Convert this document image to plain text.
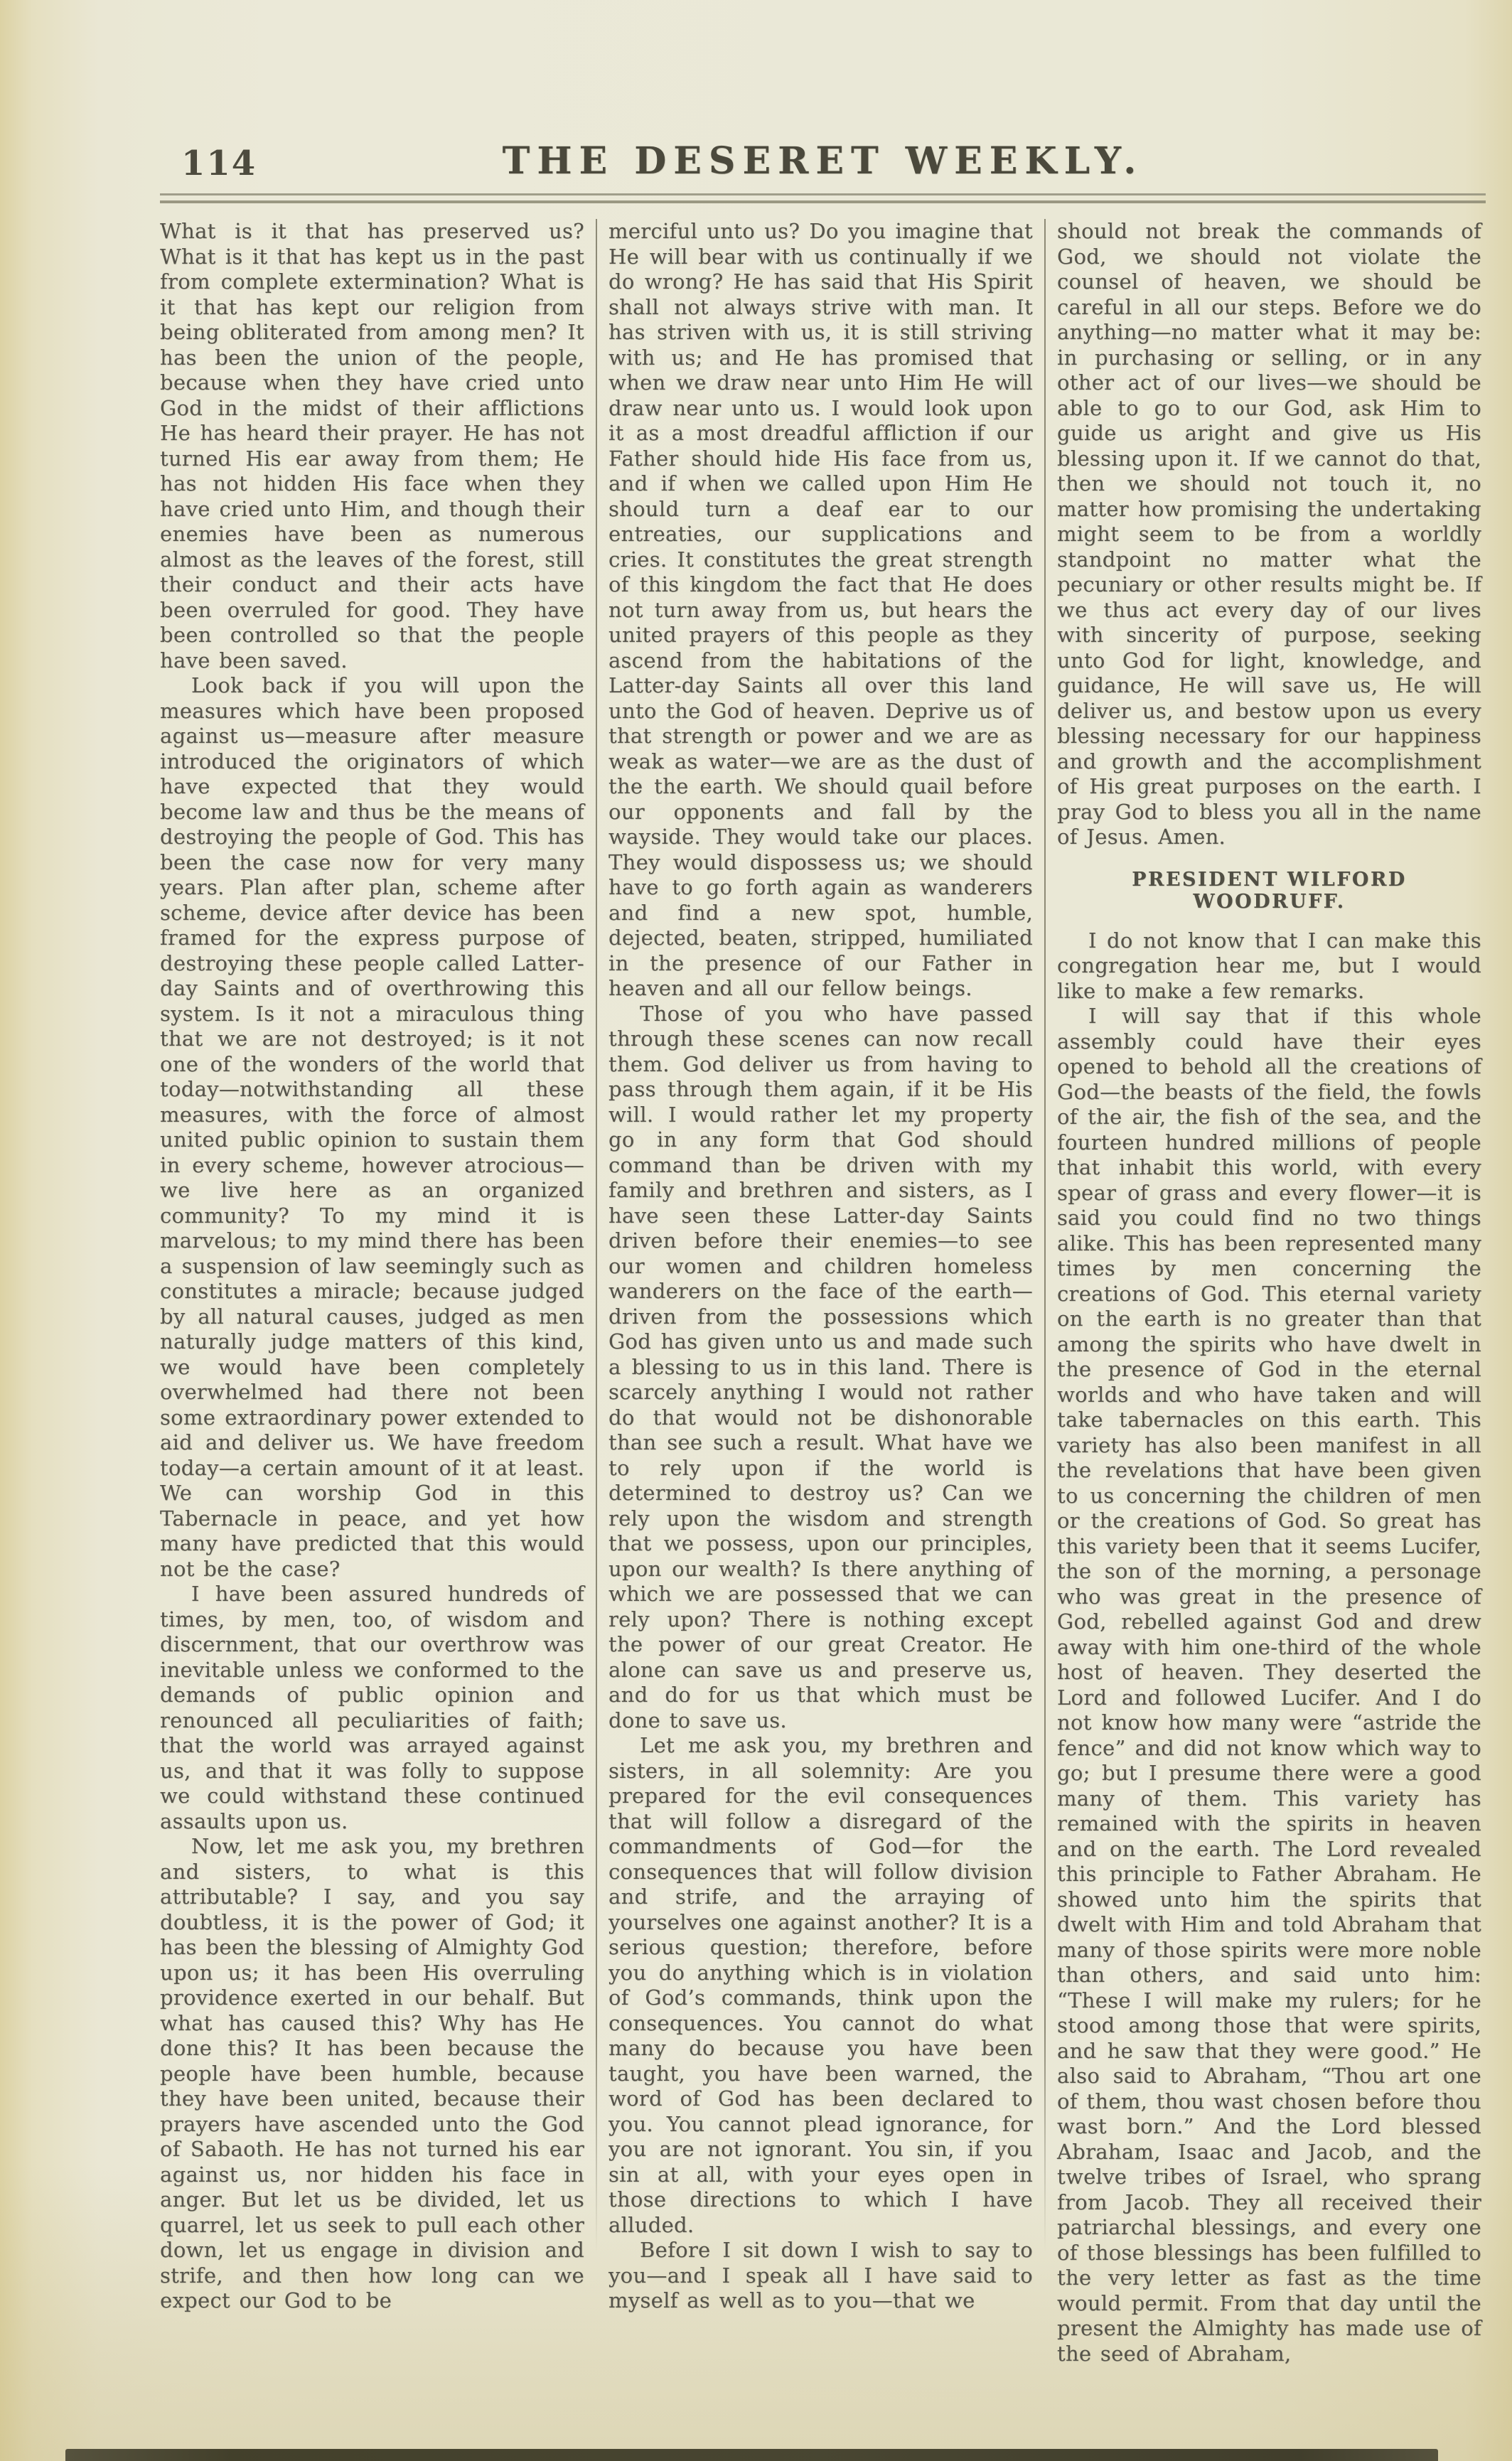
114	THE DESERET WEEKLY.

What is it that has preserved us? What is it that has kept us in the past from complete extermination? What is it that has kept our religion from being obliterated from among men? It has been the union of the people, because when they have cried unto God in the midst of their afflictions He has heard their prayer. He has not turned His ear away from them; He has not hidden His face when they have cried unto Him, and though their enemies have been as numerous almost as the leaves of the forest, still their conduct and their acts have been overruled for good. They have been controlled so that the people have been saved.

Look back if you will upon the measures which have been proposed against us—measure after measure introduced the originators of which have expected that they would become law and thus be the means of destroying the people of God. This has been the case now for very many years. Plan after plan, scheme after scheme, device after device has been framed for the express purpose of destroying these people called Latter-day Saints and of overthrowing this system. Is it not a miraculous thing that we are not destroyed; is it not one of the wonders of the world that today—notwithstanding all these measures, with the force of almost united public opinion to sustain them in every scheme, however atrocious—we live here as an organized community? To my mind it is marvelous; to my mind there has been a suspension of law seemingly such as constitutes a miracle; because judged by all natural causes, judged as men naturally judge matters of this kind, we would have been completely overwhelmed had there not been some extraordinary power extended to aid and deliver us. We have freedom today—a certain amount of it at least. We can worship God in this Tabernacle in peace, and yet how many have predicted that this would not be the case?

I have been assured hundreds of times, by men, too, of wisdom and discernment, that our overthrow was inevitable unless we conformed to the demands of public opinion and renounced all peculiarities of faith; that the world was arrayed against us, and that it was folly to suppose we could withstand these continued assaults upon us.

Now, let me ask you, my brethren and sisters, to what is this attributable? I say, and you say doubtless, it is the power of God; it has been the blessing of Almighty God upon us; it has been His overruling providence exerted in our behalf. But what has caused this? Why has He done this? It has been because the people have been humble, because they have been united, because their prayers have ascended unto the God of Sabaoth. He has not turned his ear against us, nor hidden his face in anger. But let us be divided, let us quarrel, let us seek to pull each other down, let us engage in division and strife, and then how long can we expect our God to be

merciful unto us? Do you imagine that He will bear with us continually if we do wrong? He has said that His Spirit shall not always strive with man. It has striven with us, it is still striving with us; and He has promised that when we draw near unto Him He will draw near unto us. I would look upon it as a most dreadful affliction if our Father should hide His face from us, and if when we called upon Him He should turn a deaf ear to our entreaties, our supplications and cries. It constitutes the great strength of this kingdom the fact that He does not turn away from us, but hears the united prayers of this people as they ascend from the habitations of the Latter-day Saints all over this land unto the God of heaven. Deprive us of that strength or power and we are as weak as water—we are as the dust of the the earth. We should quail before our opponents and fall by the wayside. They would take our places. They would dispossess us; we should have to go forth again as wanderers and find a new spot, humble, dejected, beaten, stripped, humiliated in the presence of our Father in heaven and all our fellow beings.

Those of you who have passed through these scenes can now recall them. God deliver us from having to pass through them again, if it be His will. I would rather let my property go in any form that God should command than be driven with my family and brethren and sisters, as I have seen these Latter-day Saints driven before their enemies—to see our women and children homeless wanderers on the face of the earth—driven from the possessions which God has given unto us and made such a blessing to us in this land. There is scarcely anything I would not rather do that would not be dishonorable than see such a result. What have we to rely upon if the world is determined to destroy us? Can we rely upon the wisdom and strength that we possess, upon our principles, upon our wealth? Is there anything of which we are possessed that we can rely upon? There is nothing except the power of our great Creator. He alone can save us and preserve us, and do for us that which must be done to save us.

Let me ask you, my brethren and sisters, in all solemnity: Are you prepared for the evil consequences that will follow a disregard of the commandments of God—for the consequences that will follow division and strife, and the arraying of yourselves one against another? It is a serious question; therefore, before you do anything which is in violation of God’s commands, think upon the consequences. You cannot do what many do because you have been taught, you have been warned, the word of God has been declared to you. You cannot plead ignorance, for you are not ignorant. You sin, if you sin at all, with your eyes open in those directions to which I have alluded.

Before I sit down I wish to say to you—and I speak all I have said to myself as well as to you—that we

should not break the commands of God, we should not violate the counsel of heaven, we should be careful in all our steps. Before we do anything—no matter what it may be: in purchasing or selling, or in any other act of our lives—we should be able to go to our God, ask Him to guide us aright and give us His blessing upon it. If we cannot do that, then we should not touch it, no matter how promising the undertaking might seem to be from a worldly standpoint no matter what the pecuniary or other results might be. If we thus act every day of our lives with sincerity of purpose, seeking unto God for light, knowledge, and guidance, He will save us, He will deliver us, and bestow upon us every blessing necessary for our happiness and growth and the accomplishment of His great purposes on the earth. I pray God to bless you all in the name of Jesus. Amen.

PRESIDENT WILFORD WOODRUFF.

I do not know that I can make this congregation hear me, but I would like to make a few remarks.

I will say that if this whole assembly could have their eyes opened to behold all the creations of God—the beasts of the field, the fowls of the air, the fish of the sea, and the fourteen hundred millions of people that inhabit this world, with every spear of grass and every flower—it is said you could find no two things alike. This has been represented many times by men concerning the creations of God. This eternal variety on the earth is no greater than that among the spirits who have dwelt in the presence of God in the eternal worlds and who have taken and will take tabernacles on this earth. This variety has also been manifest in all the revelations that have been given to us concerning the children of men or the creations of God. So great has this variety been that it seems Lucifer, the son of the morning, a personage who was great in the presence of God, rebelled against God and drew away with him one-third of the whole host of heaven. They deserted the Lord and followed Lucifer. And I do not know how many were “astride the fence” and did not know which way to go; but I presume there were a good many of them. This variety has remained with the spirits in heaven and on the earth. The Lord revealed this principle to Father Abraham. He showed unto him the spirits that dwelt with Him and told Abraham that many of those spirits were more noble than others, and said unto him: “These I will make my rulers; for he stood among those that were spirits, and he saw that they were good.” He also said to Abraham, “Thou art one of them, thou wast chosen before thou wast born.” And the Lord blessed Abraham, Isaac and Jacob, and the twelve tribes of Israel, who sprang from Jacob. They all received their patriarchal blessings, and every one of those blessings has been fulfilled to the very letter as fast as the time would permit. From that day until the present the Almighty has made use of the seed of Abraham,
